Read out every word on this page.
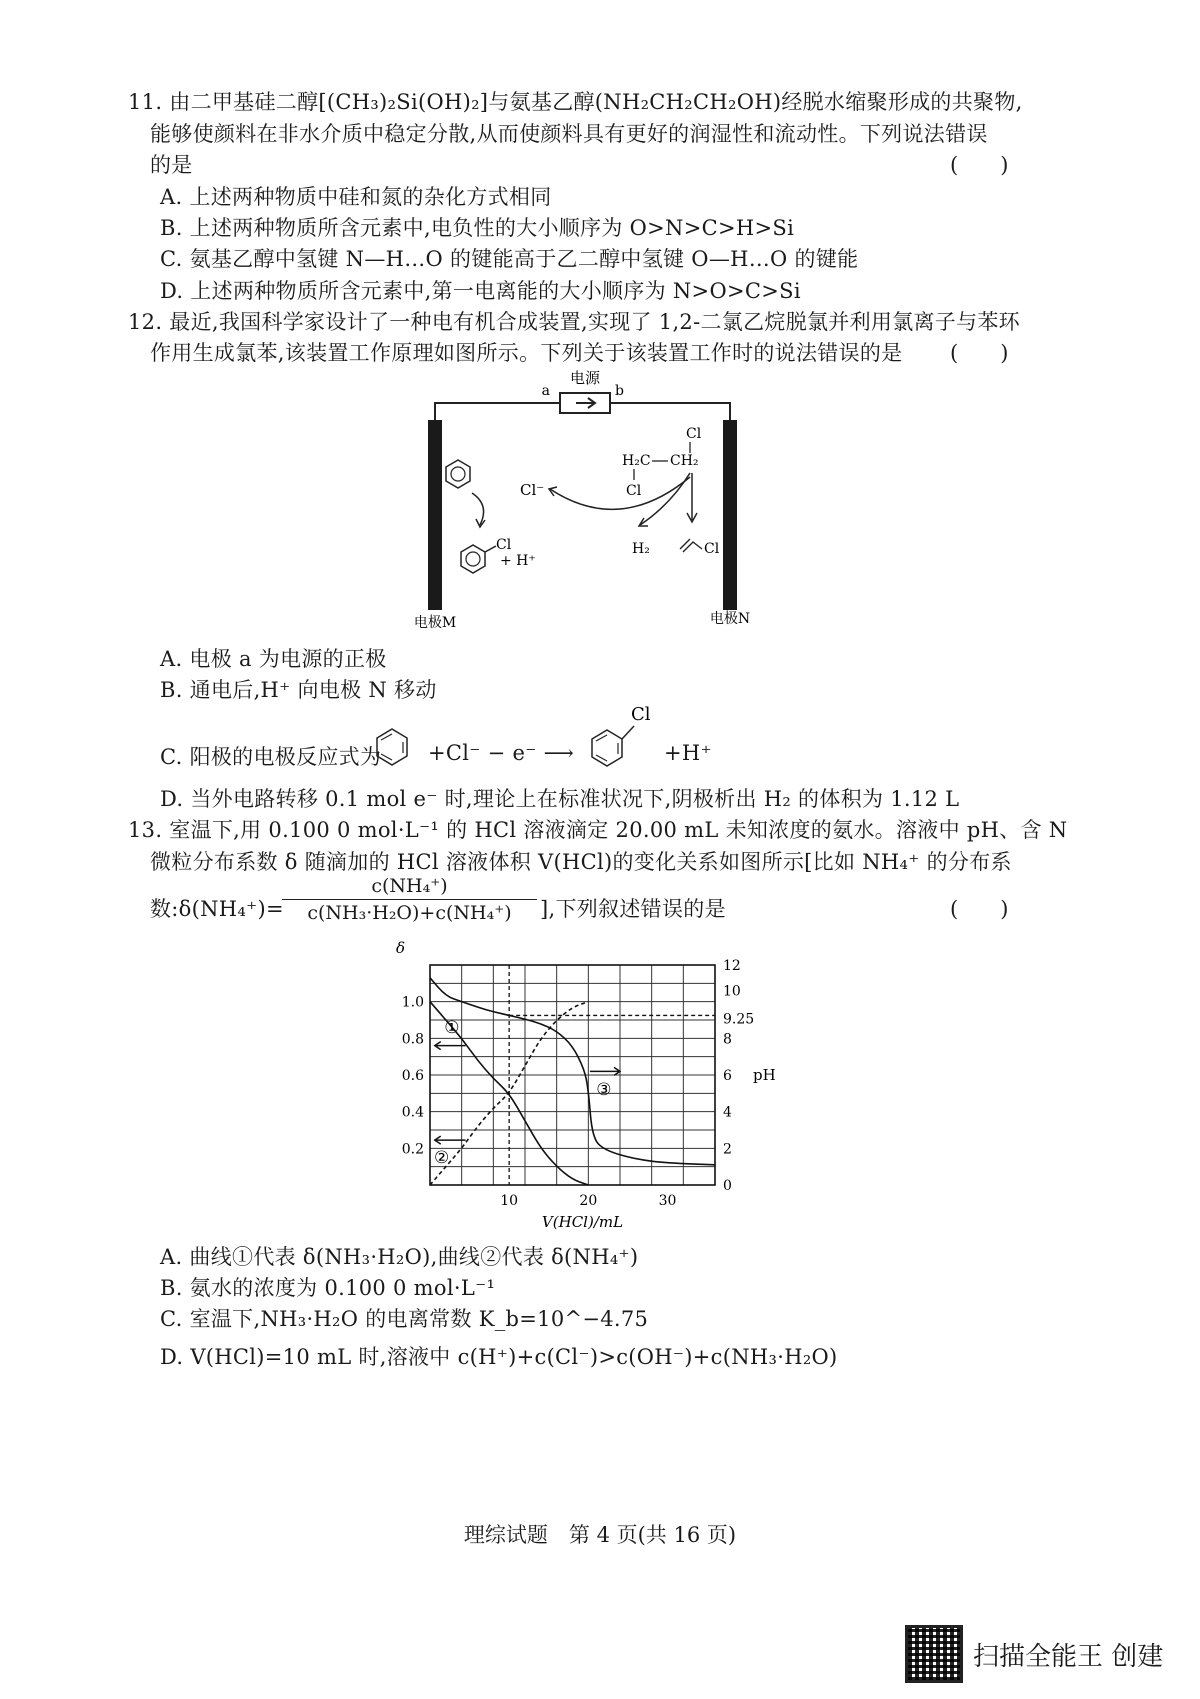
11. 由二甲基硅二醇[(CH₃)₂Si(OH)₂]与氨基乙醇(NH₂CH₂CH₂OH)经脱水缩聚形成的共聚物,
能够使颜料在非水介质中稳定分散,从而使颜料具有更好的润湿性和流动性。下列说法错误
的是	(　　)
A. 上述两种物质中硅和氮的杂化方式相同
B. 上述两种物质所含元素中,电负性的大小顺序为 O>N>C>H>Si
C. 氨基乙醇中氢键 N—H…O 的键能高于乙二醇中氢键 O—H…O 的键能
D. 上述两种物质所含元素中,第一电离能的大小顺序为 N>O>C>Si
12. 最近,我国科学家设计了一种电有机合成装置,实现了 1,2-二氯乙烷脱氯并利用氯离子与苯环
作用生成氯苯,该装置工作原理如图所示。下列关于该装置工作时的说法错误的是 (　　)
电源
a	b
电极M	电极N
Cl
+ H⁺
Cl⁻
Cl
H₂C CH₂
Cl
H₂	Cl
A. 电极 a 为电源的正极
B. 通电后,H⁺ 向电极 N 移动
C. 阳极的电极反应式为 +Cl⁻ − e⁻ ⟶
Cl
+H⁺
D. 当外电路转移 0.1 mol e⁻ 时,理论上在标准状况下,阴极析出 H₂ 的体积为 1.12 L
13. 室温下,用 0.100 0 mol·L⁻¹ 的 HCl 溶液滴定 20.00 mL 未知浓度的氨水。溶液中 pH、含 N
微粒分布系数 δ 随滴加的 HCl 溶液体积 V(HCl)的变化关系如图所示[比如 NH₄⁺ 的分布系
数:δ(NH₄⁺)=
c(NH₄⁺)
c(NH₃·H₂O)+c(NH₄⁺)	],下列叙述错误的是	(　　)
δ
pH
V(HCl)/mL
0.2
0.4
0.6
0.8
1.0
0
2
4
6
8
10
12
9.25
10	20	30
①
②
③
A. 曲线①代表 δ(NH₃·H₂O),曲线②代表 δ(NH₄⁺)
B. 氨水的浓度为 0.100 0 mol·L⁻¹
C. 室温下,NH₃·H₂O 的电离常数 K_b=10^−4.75
D. V(HCl)=10 mL 时,溶液中 c(H⁺)+c(Cl⁻)>c(OH⁻)+c(NH₃·H₂O)
理综试题　第 4 页(共 16 页)
扫描全能王 创建
